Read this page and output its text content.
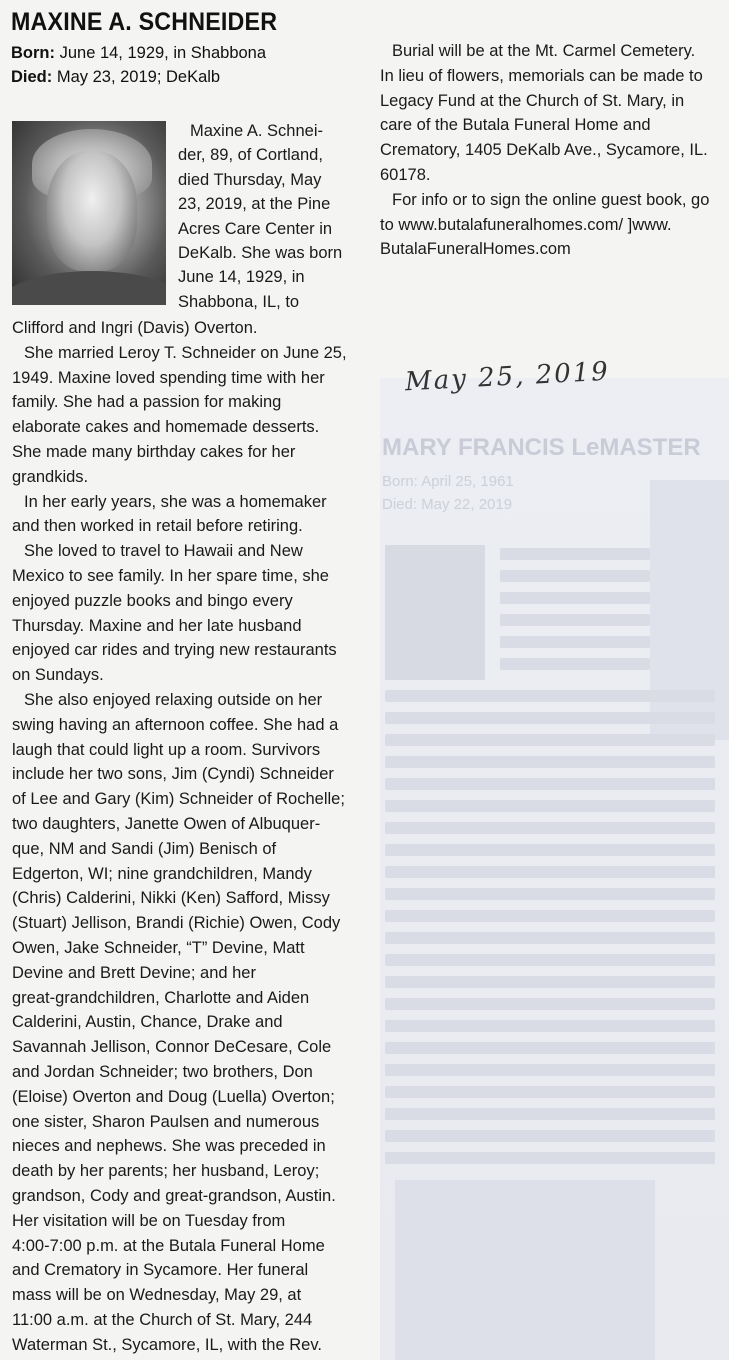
MAXINE A. SCHNEIDER
Born: June 14, 1929, in Shabbona
Died: May 23, 2019; DeKalb
Maxine A. Schnei-
der, 89, of Cortland,
died Thursday, May
23, 2019, at the Pine
Acres Care Center in
DeKalb. She was born
June 14, 1929, in
Shabbona, IL, to
Clifford and Ingri (Davis) Overton.
She married Leroy T. Schneider on June 25,
1949. Maxine loved spending time with her
family. She had a passion for making
elaborate cakes and homemade desserts.
She made many birthday cakes for her
grandkids.
In her early years, she was a homemaker
and then worked in retail before retiring.
She loved to travel to Hawaii and New
Mexico to see family. In her spare time, she
enjoyed puzzle books and bingo every
Thursday. Maxine and her late husband
enjoyed car rides and trying new restaurants
on Sundays.
She also enjoyed relaxing outside on her
swing having an afternoon coffee. She had a
laugh that could light up a room. Survivors
include her two sons, Jim (Cyndi) Schneider
of Lee and Gary (Kim) Schneider of Rochelle;
two daughters, Janette Owen of Albuquer-
que, NM and Sandi (Jim) Benisch of
Edgerton, WI; nine grandchildren, Mandy
(Chris) Calderini, Nikki (Ken) Safford, Missy
(Stuart) Jellison, Brandi (Richie) Owen, Cody
Owen, Jake Schneider, “T” Devine, Matt
Devine and Brett Devine; and her
great-grandchildren, Charlotte and Aiden
Calderini, Austin, Chance, Drake and
Savannah Jellison, Connor DeCesare, Cole
and Jordan Schneider; two brothers, Don
(Eloise) Overton and Doug (Luella) Overton;
one sister, Sharon Paulsen and numerous
nieces and nephews. She was preceded in
death by her parents; her husband, Leroy;
grandson, Cody and great-grandson, Austin.
Her visitation will be on Tuesday from
4:00-7:00 p.m. at the Butala Funeral Home
and Crematory in Sycamore. Her funeral
mass will be on Wednesday, May 29, at
11:00 a.m. at the Church of St. Mary, 244
Waterman St., Sycamore, IL, with the Rev.
May 25, 2019
MARY FRANCIS LeMASTER
Born: April 25, 1961
Died: May 22, 2019
Burial will be at the Mt. Carmel Cemetery.
In lieu of flowers, memorials can be made to
Legacy Fund at the Church of St. Mary, in
care of the Butala Funeral Home and
Crematory, 1405 DeKalb Ave., Sycamore, IL.
60178.
For info or to sign the online guest book, go
to www.butalafuneralhomes.com/ ]www.
ButalaFuneralHomes.com
